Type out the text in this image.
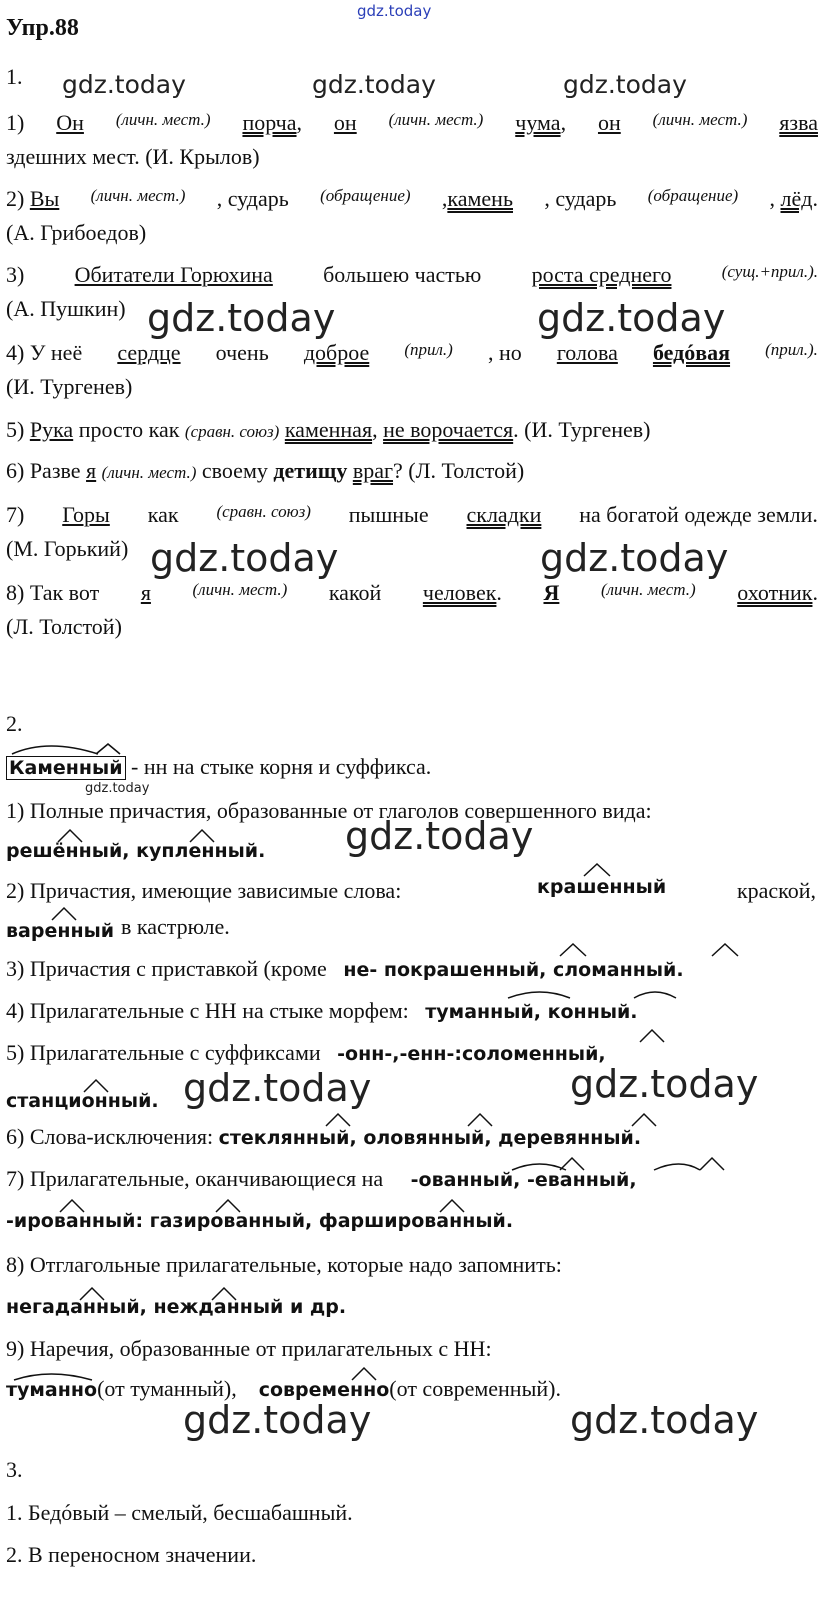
gdz.today
gdz.today	gdz.today	gdz.today
gdz.today	gdz.today
gdz.today	gdz.today
gdz.today
gdz.today
gdz.today	gdz.today
gdz.today	gdz.today
Упр.88
1.
1) Он (личн. мест.) порча, он (личн. мест.) чума, он (личн. мест.) язва
здешних мест. (И. Крылов)
2) Вы (личн. мест.) , сударь (обращение) ,камень , сударь (обращение) , лёд.
(А. Грибоедов)
3) Обитатели Горюхина большею частью роста среднего	(сущ.+прил.).
(А. Пушкин)
4) У неё сердце очень доброе (прил.) , но голова бедóвая (прил.).
(И. Тургенев)
5) Рука просто как (сравн. союз) каменная, не ворочается. (И. Тургенев)
6) Разве я (личн. мест.) своему детищу враг? (Л. Толстой)
7) Горы как (сравн. союз) пышные складки на богатой одежде земли.
(М. Горький)
8) Так вот я (личн. мест.) какой человек. Я (личн. мест.) охотник.
(Л. Толстой)
2.
Каменный - нн на стыке корня и суффикса.
1) Полные причастия, образованные от глаголов совершенного вида:
решённый, купленный.
2) Причастия, имеющие зависимые слова:	крашенный	краской,
варенный в кастрюле.
3) Причастия с приставкой (кроме не- покрашенный, сломанный.
4) Прилагательные с НН на стыке морфем: туманный, конный.
5) Прилагательные с суффиксами -онн-,-енн-:соломенный,
станционный.
6) Слова-исключения: стеклянный, оловянный, деревянный.
7) Прилагательные, оканчивающиеся на -ованный, -еванный,
-ированный: газированный, фаршированный.
8) Отглагольные прилагательные, которые надо запомнить:
негаданный, нежданный и др.
9) Наречия, образованные от прилагательных с НН:
туманно(от туманный), современно(от современный).
3.
1. Бедóвый – смелый, бесшабашный.
2. В переносном значении.
